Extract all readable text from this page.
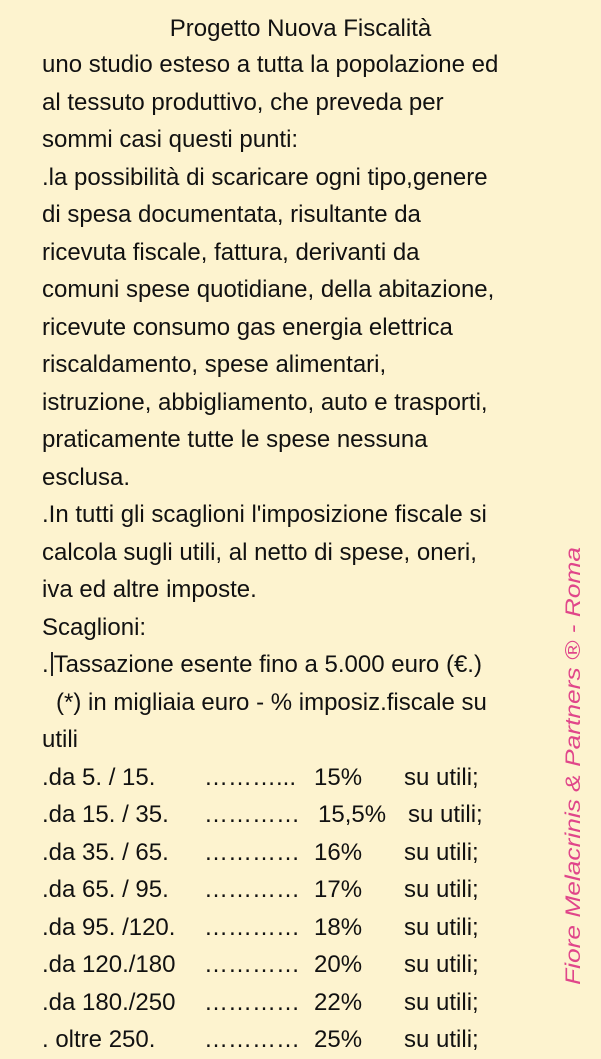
Progetto Nuova Fiscalità
uno studio esteso a tutta la popolazione ed
al tessuto produttivo, che preveda per
sommi casi questi punti:
.la possibilità di scaricare ogni tipo,genere
di spesa documentata, risultante da
ricevuta fiscale, fattura, derivanti da
comuni spese quotidiane, della abitazione,
ricevute consumo gas energia elettrica
riscaldamento, spese alimentari,
istruzione, abbigliamento, auto e trasporti,
praticamente tutte le spese nessuna
esclusa.
.In tutti gli scaglioni l'imposizione fiscale si
calcola sugli utili, al netto di spese, oneri,
iva ed altre imposte.
Scaglioni:
. Tassazione esente fino a 5.000 euro (€.)
(*) in migliaia euro - % imposiz.fiscale su
utili
.da 5. / 15. ………... 15% su utili;
.da 15. / 35. ………… 15,5% su utili;
.da 35. / 65. ………… 16% su utili;
.da 65. / 95. ………… 17% su utili;
.da 95. /120. ………… 18% su utili;
.da 120./180 ………… 20% su utili;
.da 180./250 ………… 22% su utili;
. oltre 250. ………… 25% su utili;
Fiore Melacrinis & Partners ® - Roma
